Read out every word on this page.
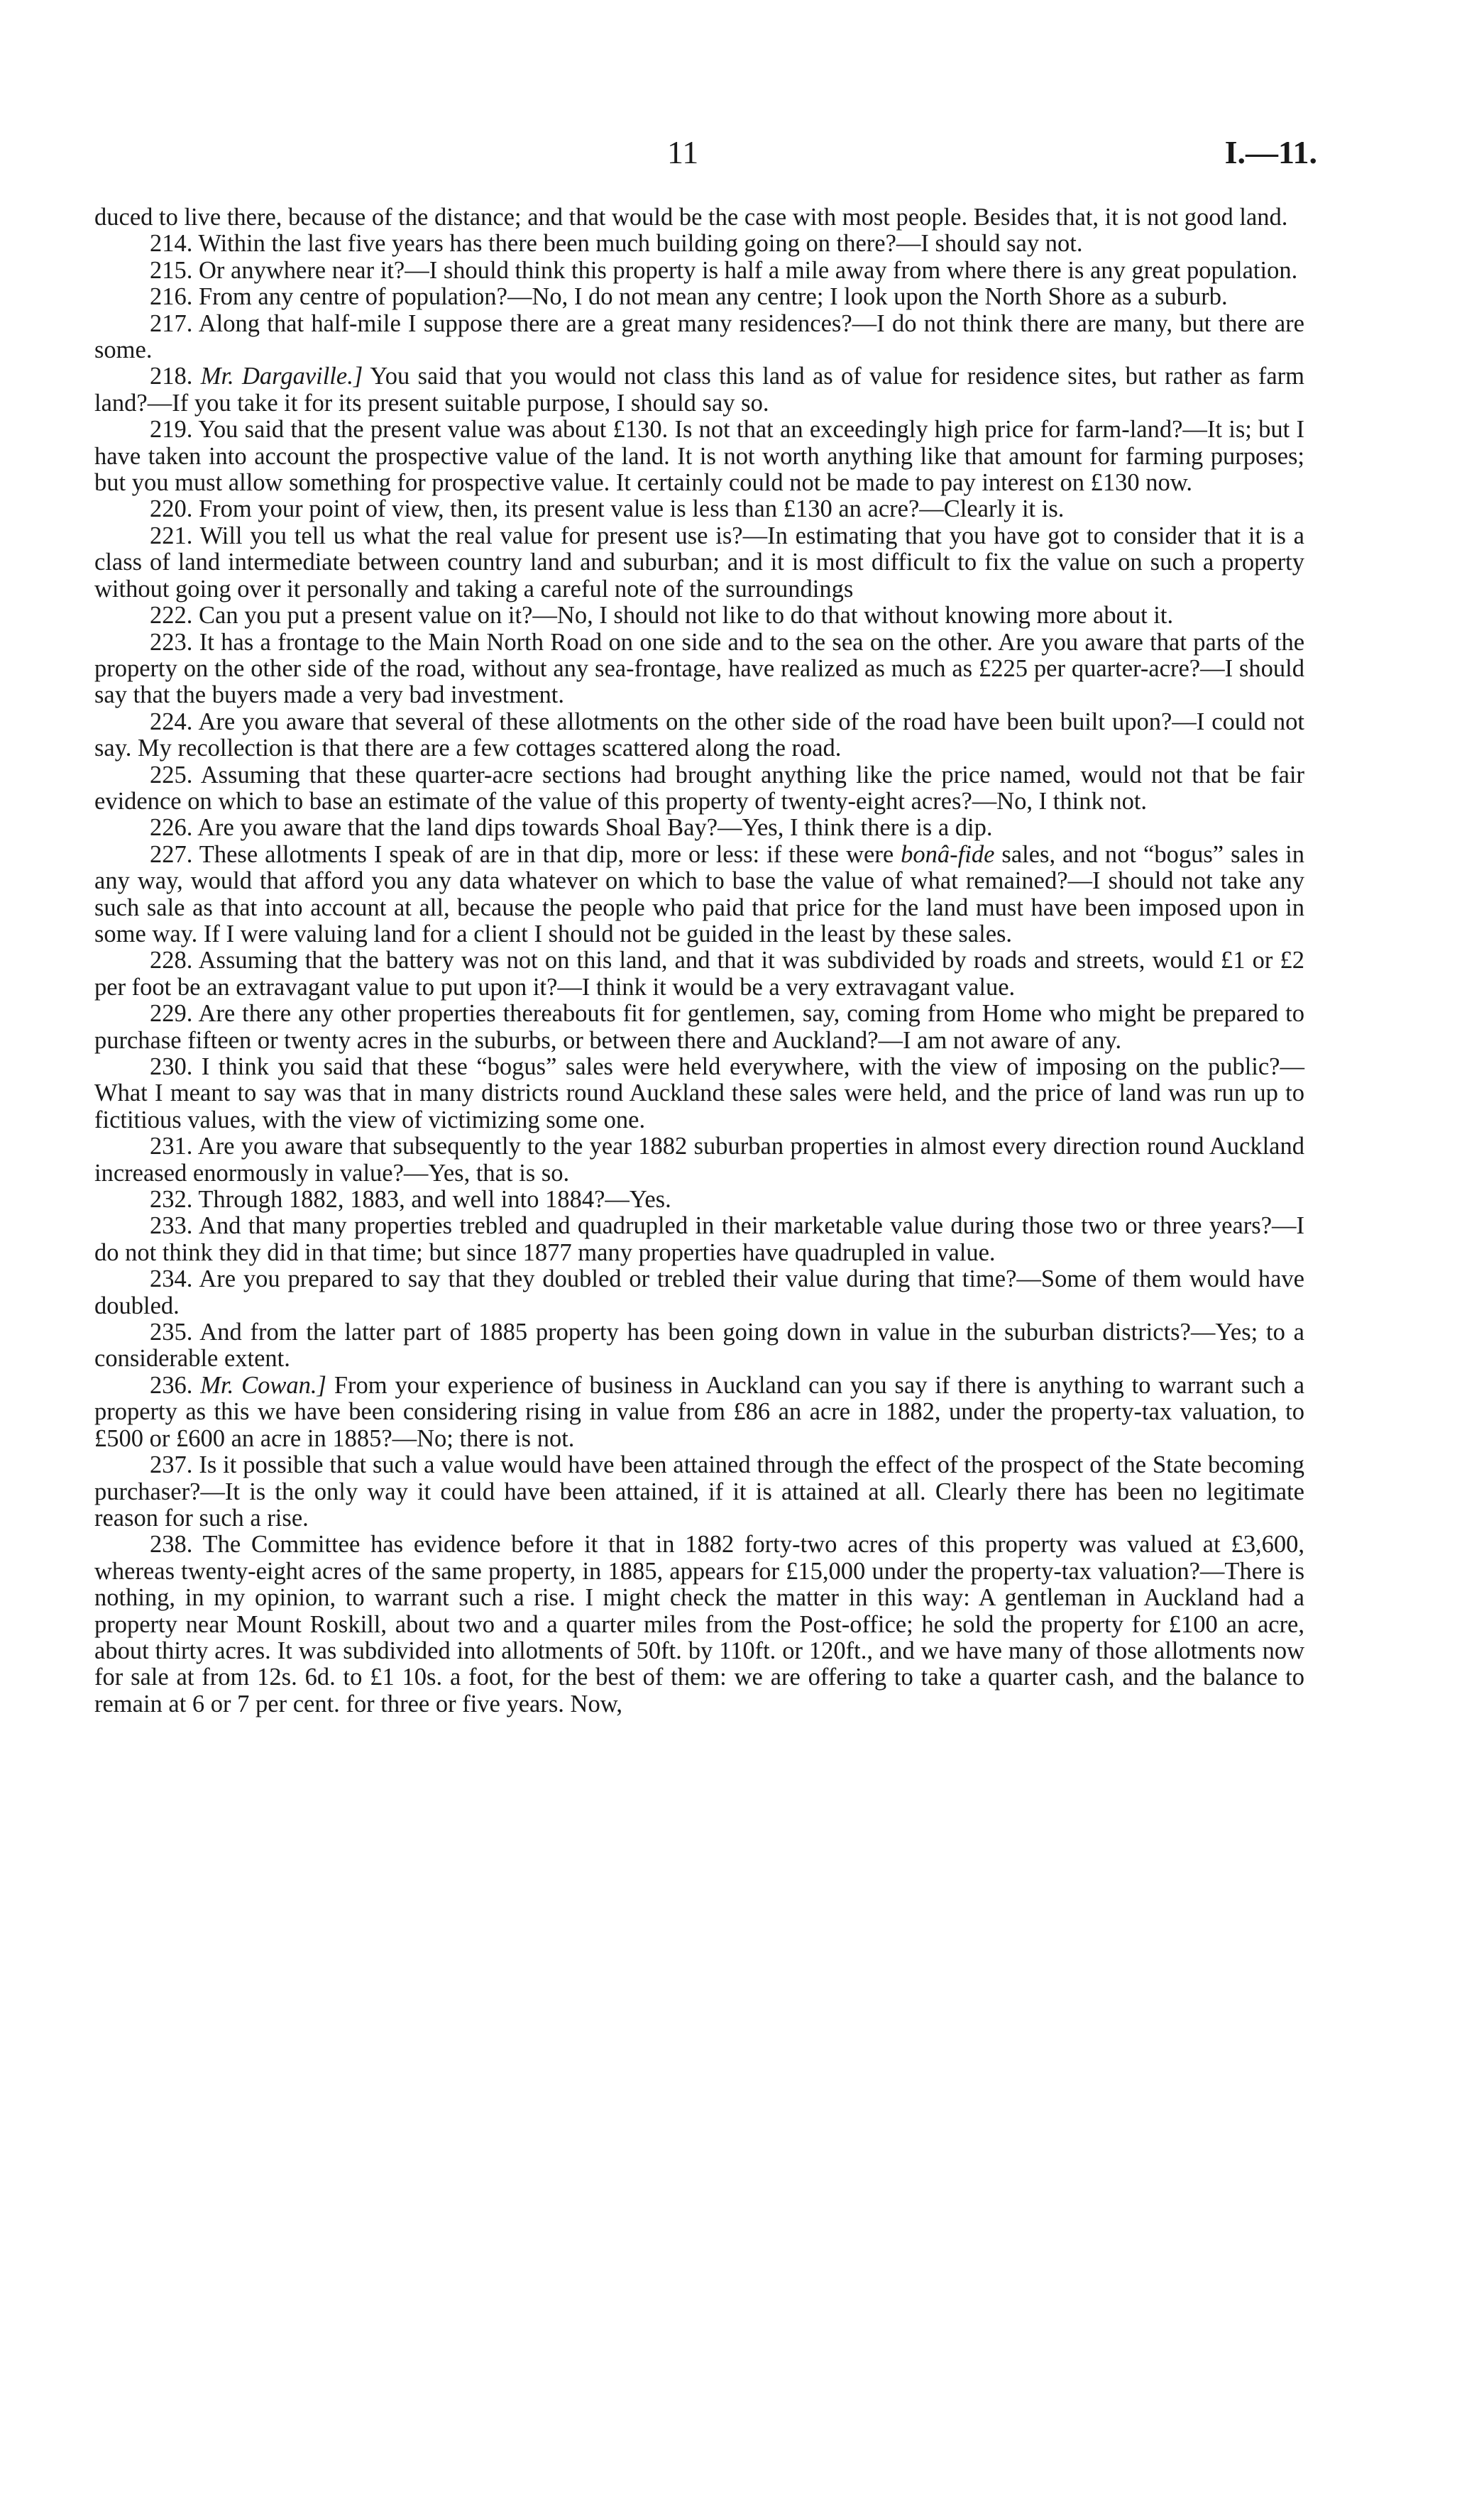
11	I.—11.

duced to live there, because of the distance; and that would be the case with most people. Besides that, it is not good land.

214. Within the last five years has there been much building going on there?—I should say not.

215. Or anywhere near it?—I should think this property is half a mile away from where there is any great population.

216. From any centre of population?—No, I do not mean any centre; I look upon the North Shore as a suburb.

217. Along that half-mile I suppose there are a great many residences?—I do not think there are many, but there are some.

218. Mr. Dargaville.] You said that you would not class this land as of value for residence sites, but rather as farm land?—If you take it for its present suitable purpose, I should say so.

219. You said that the present value was about £130. Is not that an exceedingly high price for farm-land?—It is; but I have taken into account the prospective value of the land. It is not worth anything like that amount for farming purposes; but you must allow something for prospective value. It certainly could not be made to pay interest on £130 now.

220. From your point of view, then, its present value is less than £130 an acre?—Clearly it is.

221. Will you tell us what the real value for present use is?—In estimating that you have got to consider that it is a class of land intermediate between country land and suburban; and it is most difficult to fix the value on such a property without going over it personally and taking a careful note of the surroundings

222. Can you put a present value on it?—No, I should not like to do that without knowing more about it.

223. It has a frontage to the Main North Road on one side and to the sea on the other. Are you aware that parts of the property on the other side of the road, without any sea-frontage, have realized as much as £225 per quarter-acre?—I should say that the buyers made a very bad investment.

224. Are you aware that several of these allotments on the other side of the road have been built upon?—I could not say. My recollection is that there are a few cottages scattered along the road.

225. Assuming that these quarter-acre sections had brought anything like the price named, would not that be fair evidence on which to base an estimate of the value of this property of twenty-eight acres?—No, I think not.

226. Are you aware that the land dips towards Shoal Bay?—Yes, I think there is a dip.

227. These allotments I speak of are in that dip, more or less: if these were bonâ-fide sales, and not “bogus” sales in any way, would that afford you any data whatever on which to base the value of what remained?—I should not take any such sale as that into account at all, because the people who paid that price for the land must have been imposed upon in some way. If I were valuing land for a client I should not be guided in the least by these sales.

228. Assuming that the battery was not on this land, and that it was subdivided by roads and streets, would £1 or £2 per foot be an extravagant value to put upon it?—I think it would be a very extravagant value.

229. Are there any other properties thereabouts fit for gentlemen, say, coming from Home who might be prepared to purchase fifteen or twenty acres in the suburbs, or between there and Auckland?—I am not aware of any.

230. I think you said that these “bogus” sales were held everywhere, with the view of imposing on the public?—What I meant to say was that in many districts round Auckland these sales were held, and the price of land was run up to fictitious values, with the view of victimizing some one.

231. Are you aware that subsequently to the year 1882 suburban properties in almost every direction round Auckland increased enormously in value?—Yes, that is so.

232. Through 1882, 1883, and well into 1884?—Yes.

233. And that many properties trebled and quadrupled in their marketable value during those two or three years?—I do not think they did in that time; but since 1877 many properties have quadrupled in value.

234. Are you prepared to say that they doubled or trebled their value during that time?—Some of them would have doubled.

235. And from the latter part of 1885 property has been going down in value in the suburban districts?—Yes; to a considerable extent.

236. Mr. Cowan.] From your experience of business in Auckland can you say if there is anything to warrant such a property as this we have been considering rising in value from £86 an acre in 1882, under the property-tax valuation, to £500 or £600 an acre in 1885?—No; there is not.

237. Is it possible that such a value would have been attained through the effect of the prospect of the State becoming purchaser?—It is the only way it could have been attained, if it is attained at all. Clearly there has been no legitimate reason for such a rise.

238. The Committee has evidence before it that in 1882 forty-two acres of this property was valued at £3,600, whereas twenty-eight acres of the same property, in 1885, appears for £15,000 under the property-tax valuation?—There is nothing, in my opinion, to warrant such a rise. I might check the matter in this way: A gentleman in Auckland had a property near Mount Roskill, about two and a quarter miles from the Post-office; he sold the property for £100 an acre, about thirty acres. It was subdivided into allotments of 50ft. by 110ft. or 120ft., and we have many of those allotments now for sale at from 12s. 6d. to £1 10s. a foot, for the best of them: we are offering to take a quarter cash, and the balance to remain at 6 or 7 per cent. for three or five years. Now,
